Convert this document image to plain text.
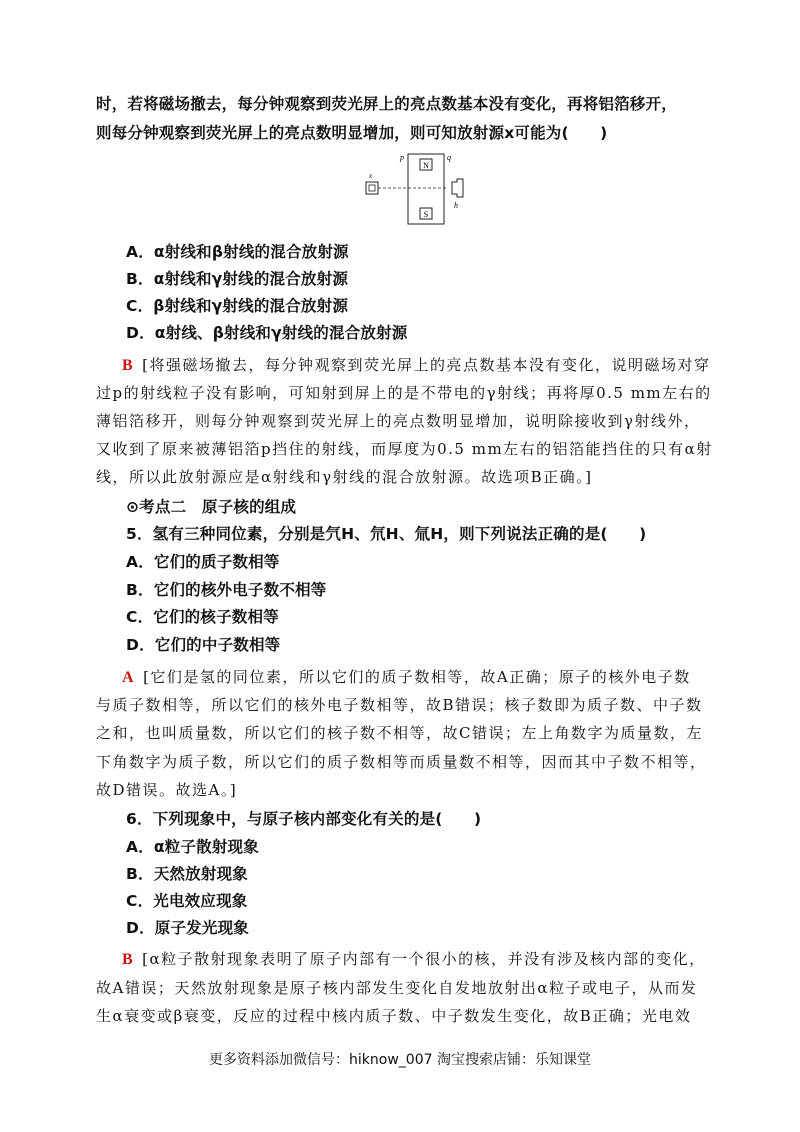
时，若将磁场撤去，每分钟观察到荧光屏上的亮点数基本没有变化，再将铝箔移开，
则每分钟观察到荧光屏上的亮点数明显增加，则可知放射源x可能为(　　)
N
S
p	q
x
h
A．α射线和β射线的混合放射源
B．α射线和γ射线的混合放射源
C．β射线和γ射线的混合放射源
D．α射线、β射线和γ射线的混合放射源
B [将强磁场撤去，每分钟观察到荧光屏上的亮点数基本没有变化，说明磁场对穿
过p的射线粒子没有影响，可知射到屏上的是不带电的γ射线；再将厚0.5 mm左右的
薄铝箔移开，则每分钟观察到荧光屏上的亮点数明显增加，说明除接收到γ射线外，
又收到了原来被薄铝箔p挡住的射线，而厚度为0.5 mm左右的铝箔能挡住的只有α射
线，所以此放射源应是α射线和γ射线的混合放射源。故选项B正确。]
⊙考点二　原子核的组成
5．氢有三种同位素，分别是氕H、氘H、氚H，则下列说法正确的是(　　)
A．它们的质子数相等
B．它们的核外电子数不相等
C．它们的核子数相等
D．它们的中子数相等
A [它们是氢的同位素，所以它们的质子数相等，故A正确；原子的核外电子数
与质子数相等，所以它们的核外电子数相等，故B错误；核子数即为质子数、中子数
之和，也叫质量数，所以它们的核子数不相等，故C错误；左上角数字为质量数，左
下角数字为质子数，所以它们的质子数相等而质量数不相等，因而其中子数不相等，
故D错误。故选A。]
6．下列现象中，与原子核内部变化有关的是(　　)
A．α粒子散射现象
B．天然放射现象
C．光电效应现象
D．原子发光现象
B [α粒子散射现象表明了原子内部有一个很小的核，并没有涉及核内部的变化，
故A错误；天然放射现象是原子核内部发生变化自发地放射出α粒子或电子，从而发
生α衰变或β衰变，反应的过程中核内质子数、中子数发生变化，故B正确；光电效
更多资料添加微信号：hiknow_007 淘宝搜索店铺：乐知课堂
